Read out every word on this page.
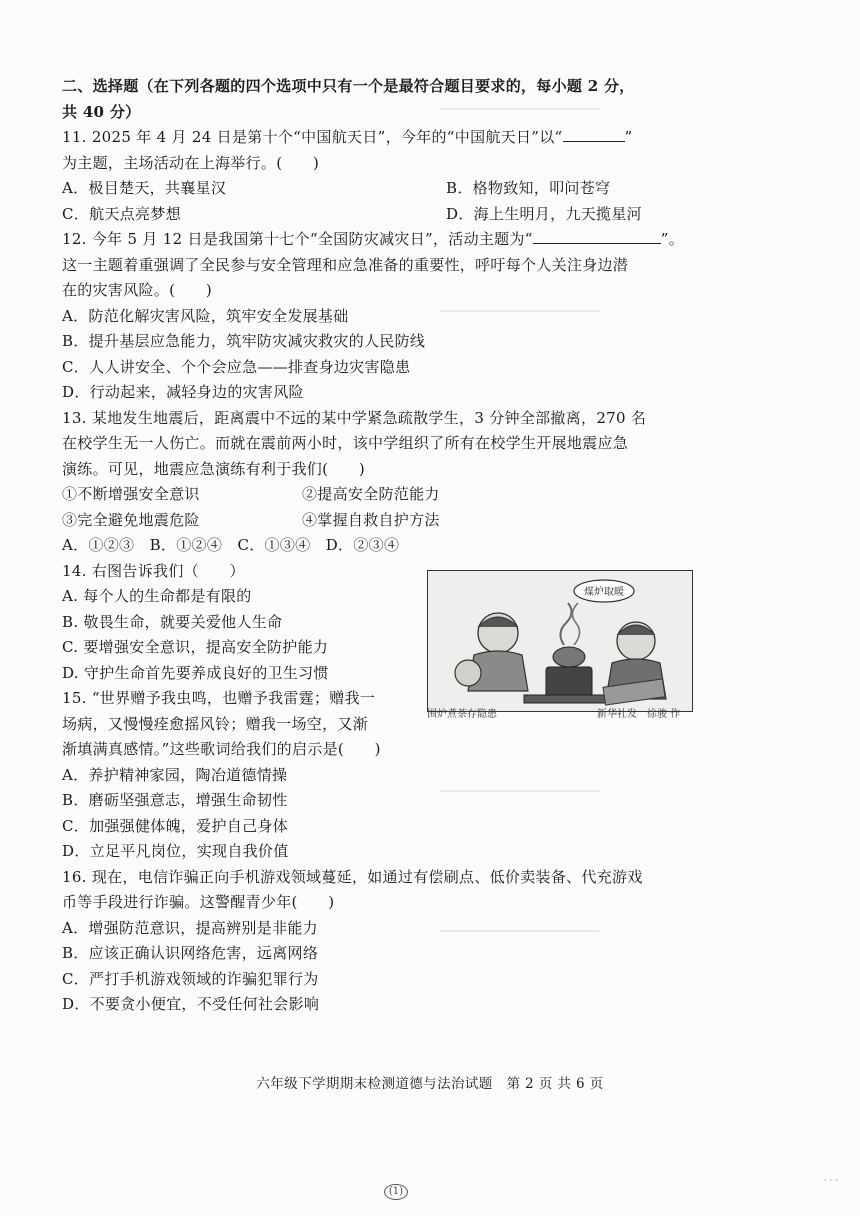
──────────────────────
──────────────────────
──────────────────────
──────────────────────
二、选择题（在下列各题的四个选项中只有一个是最符合题目要求的，每小题 2 分，
共 40 分）
11. 2025 年 4 月 24 日是第十个“中国航天日”，今年的“中国航天日”以“	”
为主题，主场活动在上海举行。(　　)
A．极目楚天，共襄星汉	B．格物致知，叩问苍穹
C．航天点亮梦想	D．海上生明月，九天揽星河
12. 今年 5 月 12 日是我国第十七个“全国防灾减灾日”，活动主题为“	”。
这一主题着重强调了全民参与安全管理和应急准备的重要性，呼吁每个人关注身边潜
在的灾害风险。(　　)
A．防范化解灾害风险，筑牢安全发展基础
B．提升基层应急能力，筑牢防灾减灾救灾的人民防线
C．人人讲安全、个个会应急——排查身边灾害隐患
D．行动起来，减轻身边的灾害风险
13. 某地发生地震后，距离震中不远的某中学紧急疏散学生，3 分钟全部撤离，270 名
在校学生无一人伤亡。而就在震前两小时，该中学组织了所有在校学生开展地震应急
演练。可见，地震应急演练有利于我们(　　)
①不断增强安全意识	②提高安全防范能力
③完全避免地震危险	④掌握自救自护方法
A．①②③　B．①②④　C．①③④　D．②③④
14. 右图告诉我们（　　）
A. 每个人的生命都是有限的
B. 敬畏生命，就要关爱他人生命
C. 要增强安全意识，提高安全防护能力
D. 守护生命首先要养成良好的卫生习惯
15. “世界赠予我虫鸣，也赠予我雷霆；赠我一
场病，又慢慢痊愈摇风铃；赠我一场空，又渐
渐填满真感情。”这些歌词给我们的启示是(　　)
A．养护精神家园，陶冶道德情操
B．磨砺坚强意志，增强生命韧性
C．加强强健体魄，爱护自己身体
D．立足平凡岗位，实现自我价值
16. 现在，电信诈骗正向手机游戏领域蔓延，如通过有偿刷点、低价卖装备、代充游戏
币等手段进行诈骗。这警醒青少年(　　)
A．增强防范意识，提高辨别是非能力
B．应该正确认识网络危害，远离网络
C．严打手机游戏领域的诈骗犯罪行为
D．不要贪小便宜，不受任何社会影响
煤炉取暖
围炉煮茶存隐患	新华社发　徐骏 作
六年级下学期期末检测道德与法治试题　第 2 页 共 6 页
(1)
· · ·
